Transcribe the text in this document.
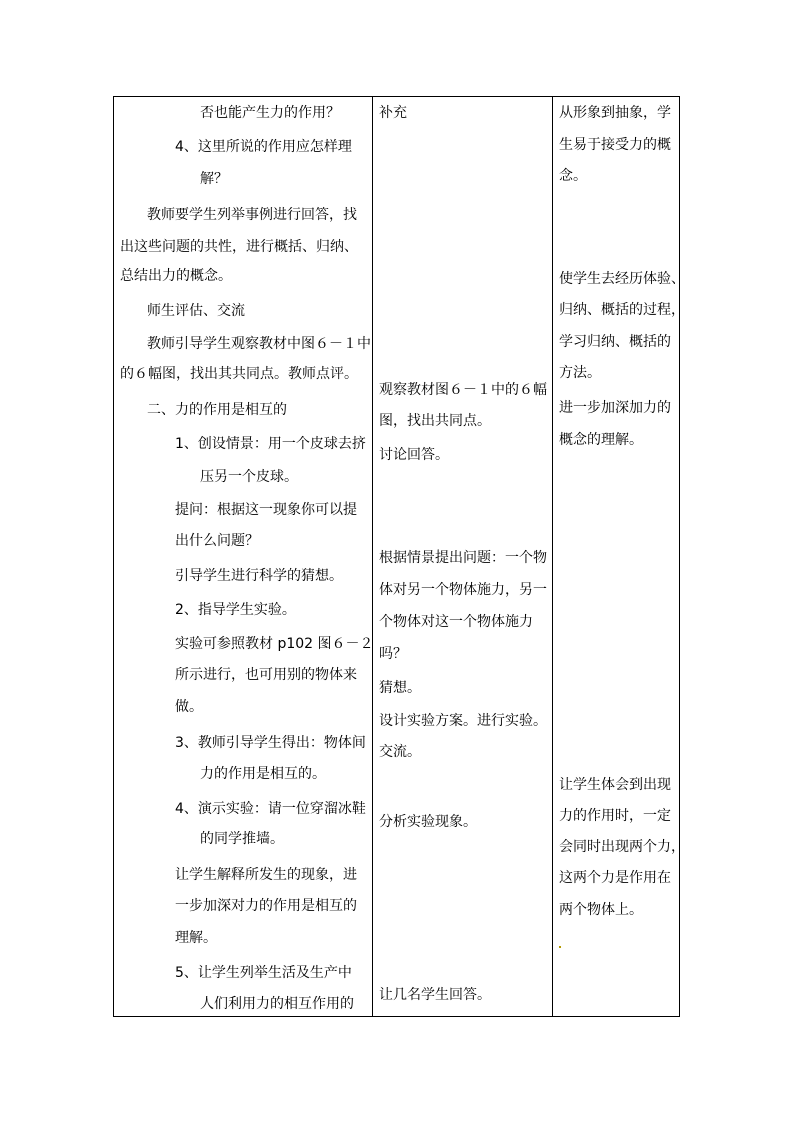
否也能产生力的作用？
4、这里所说的作用应怎样理
解？
教师要学生列举事例进行回答，找
出这些问题的共性，进行概括、归纳、
总结出力的概念。
师生评估、交流
教师引导学生观察教材中图６－１中
的６幅图，找出其共同点。教师点评。
二、力的作用是相互的
1、创设情景：用一个皮球去挤
压另一个皮球。
提问：根据这一现象你可以提
出什么问题？
引导学生进行科学的猜想。
2、指导学生实验。
实验可参照教材 p102 图６－２
所示进行，也可用别的物体来
做。
3、教师引导学生得出：物体间
力的作用是相互的。
4、演示实验：请一位穿溜冰鞋
的同学推墙。
让学生解释所发生的现象，进
一步加深对力的作用是相互的
理解。
5、让学生列举生活及生产中
人们利用力的相互作用的
补充
观察教材图６－１中的６幅
图，找出共同点。
讨论回答。
根据情景提出问题：一个物
体对另一个物体施力，另一
个物体对这一个物体施力
吗？
猜想。
设计实验方案。进行实验。
交流。
分析实验现象。
让几名学生回答。
从形象到抽象，学
生易于接受力的概
念。
使学生去经历体验、
归纳、概括的过程，
学习归纳、概括的
方法。
进一步加深加力的
概念的理解。
让学生体会到出现
力的作用时，一定
会同时出现两个力，
这两个力是作用在
两个物体上。
